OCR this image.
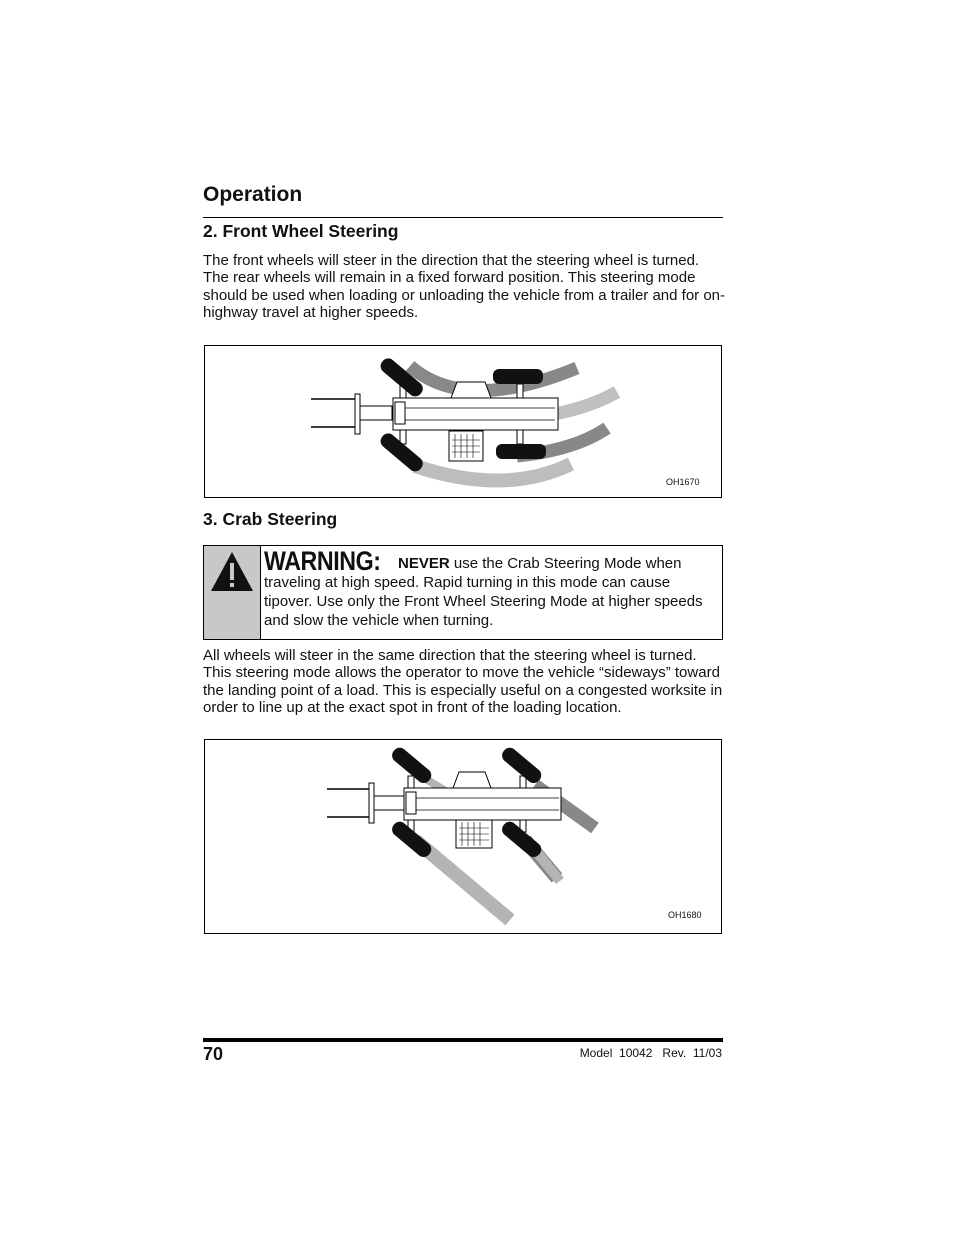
Operation
2. Front Wheel Steering
The front wheels will steer in the direction that the steering wheel is turned. The rear wheels will remain in a fixed forward position. This steering mode should be used when loading or unloading the vehicle from a trailer and for on-highway travel at higher speeds.
OH1670
3. Crab Steering
WARNING: NEVER use the Crab Steering Mode when traveling at high speed. Rapid turning in this mode can cause tipover. Use only the Front Wheel Steering Mode at higher speeds and slow the vehicle when turning.
All wheels will steer in the same direction that the steering wheel is turned. This steering mode allows the operator to move the vehicle “sideways” toward the landing point of a load. This is especially useful on a congested worksite in order to line up at the exact spot in front of the loading location.
OH1680
70	Model  10042   Rev.  11/03
